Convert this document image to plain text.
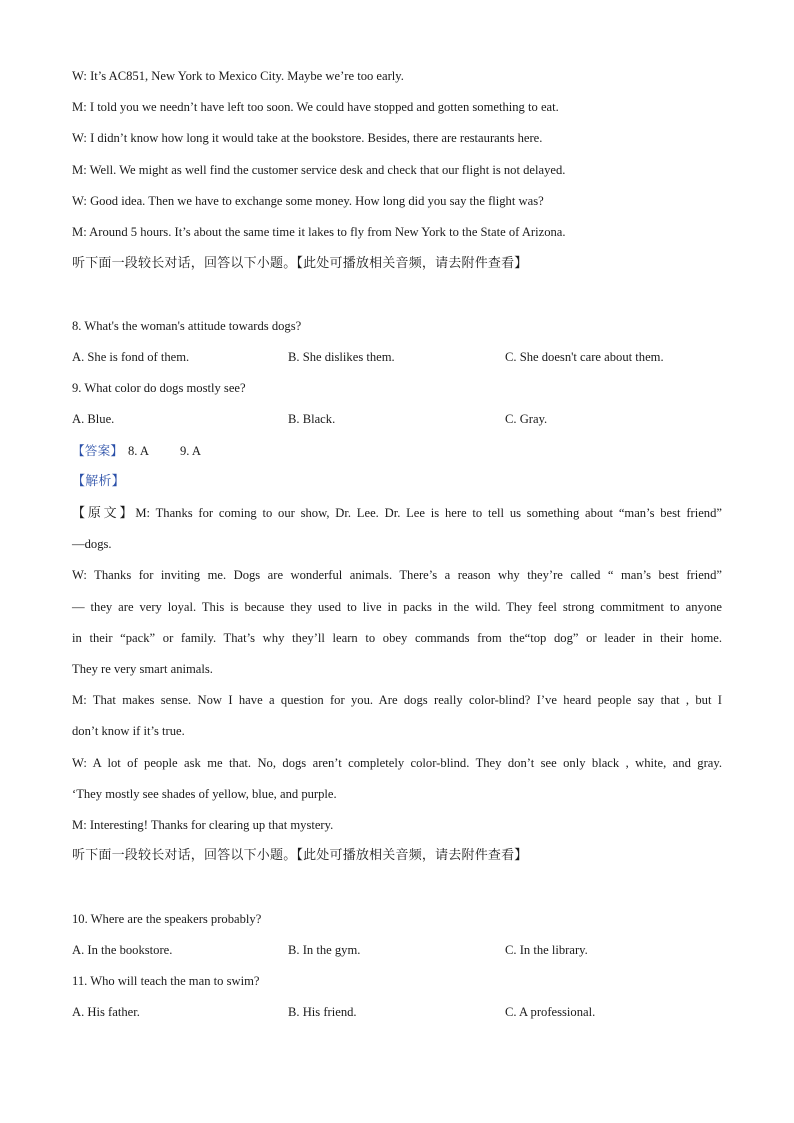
W: It’s AC851, New York to Mexico City. Maybe we’re too early.
M: I told you we needn’t have left too soon. We could have stopped and gotten something to eat.
W: I didn’t know how long it would take at the bookstore. Besides, there are restaurants here.
M: Well. We might as well find the customer service desk and check that our flight is not delayed.
W: Good idea. Then we have to exchange some money. How long did you say the flight was?
M: Around 5 hours. It’s about the same time it lakes to fly from New York to the State of Arizona.
听下面一段较长对话，回答以下小题。【此处可播放相关音频，请去附件查看】
8. What's the woman's attitude towards dogs?
A. She is fond of them.	B. She dislikes them.	C. She doesn't care about them.
9. What color do dogs mostly see?
A. Blue.	B. Black.	C. Gray.
【答案】 8. A 9. A
【解析】
【原文】M: Thanks for coming to our show, Dr. Lee. Dr. Lee is here to tell us something about “man’s best friend”
—dogs.
W: Thanks for inviting me. Dogs are wonderful animals. There’s a reason why they’re called “ man’s best friend”
— they are very loyal. This is because they used to live in packs in the wild. They feel strong commitment to anyone
in their “pack” or family. That’s why they’ll learn to obey commands from the“top dog” or leader in their home.
They re very smart animals.
M: That makes sense. Now I have a question for you. Are dogs really color-blind? I’ve heard people say that , but I
don’t know if it’s true.
W: A lot of people ask me that. No, dogs aren’t completely color-blind. They don’t see only black , white, and gray.
‘They mostly see shades of yellow, blue, and purple.
M: Interesting! Thanks for clearing up that mystery.
听下面一段较长对话，回答以下小题。【此处可播放相关音频，请去附件查看】
10. Where are the speakers probably?
A. In the bookstore.	B. In the gym.	C. In the library.
11. Who will teach the man to swim?
A. His father.	B. His friend.	C. A professional.
